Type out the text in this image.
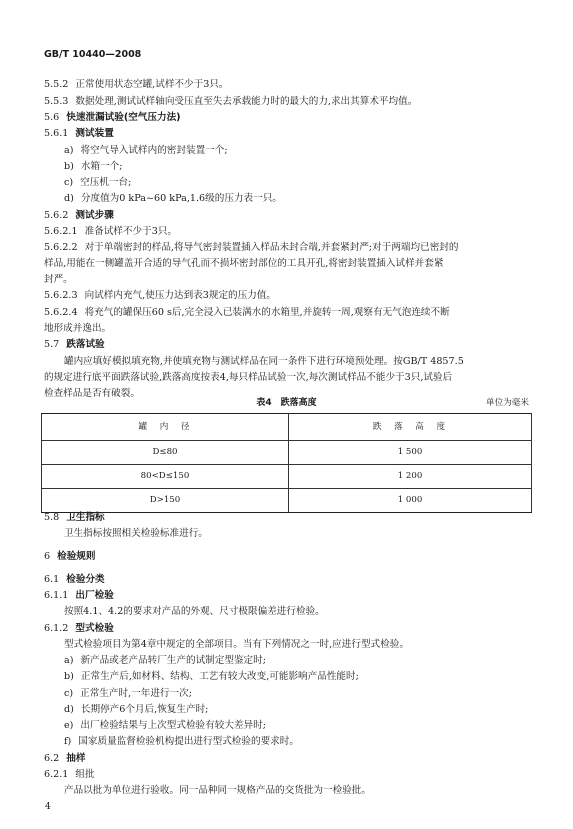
GB/T 10440—2008
5.5.2 正常使用状态空罐,试样不少于3只。
5.5.3 数据处理,测试试样轴向受压直至失去承载能力时的最大的力,求出其算术平均值。
5.6 快速泄漏试验(空气压力法)
5.6.1 测试装置
a) 将空气导入试样内的密封装置一个;
b) 水箱一个;
c) 空压机一台;
d) 分度值为0 kPa~60 kPa,1.6级的压力表一只。
5.6.2 测试步骤
5.6.2.1 准备试样不少于3只。
5.6.2.2 对于单端密封的样品,将导气密封装置插入样品未封合端,并套紧封严;对于两端均已密封的
样品,用能在一侧罐盖开合适的导气孔而不损坏密封部位的工具开孔,将密封装置插入试样并套紧
封严。
5.6.2.3 向试样内充气,使压力达到表3规定的压力值。
5.6.2.4 将充气的罐保压60 s后,完全浸入已装满水的水箱里,并旋转一周,观察有无气泡连续不断
地形成并逸出。
5.7 跌落试验
罐内应填好模拟填充物,并使填充物与测试样品在同一条件下进行环境预处理。按GB/T 4857.5
的规定进行底平面跌落试验,跌落高度按表4,每只样品试验一次,每次测试样品不能少于3只,试验后
检查样品是否有破裂。
5.8 卫生指标
卫生指标按照相关检验标准进行。
6 检验规则
6.1 检验分类
6.1.1 出厂检验
按照4.1、4.2的要求对产品的外观、尺寸极限偏差进行检验。
6.1.2 型式检验
型式检验项目为第4章中规定的全部项目。当有下列情况之一时,应进行型式检验。
a) 新产品或老产品转厂生产的试制定型鉴定时;
b) 正常生产后,如材料、结构、工艺有较大改变,可能影响产品性能时;
c) 正常生产时,一年进行一次;
d) 长期停产6个月后,恢复生产时;
e) 出厂检验结果与上次型式检验有较大差异时;
f) 国家质量监督检验机构提出进行型式检验的要求时。
6.2 抽样
6.2.1 组批
产品以批为单位进行验收。同一品种同一规格产品的交货批为一检验批。
表4　跌落高度	单位为毫米
罐　内　径	跌　落　高　度
D≤80	1 500
80<D≤150	1 200
D>150	1 000
4
